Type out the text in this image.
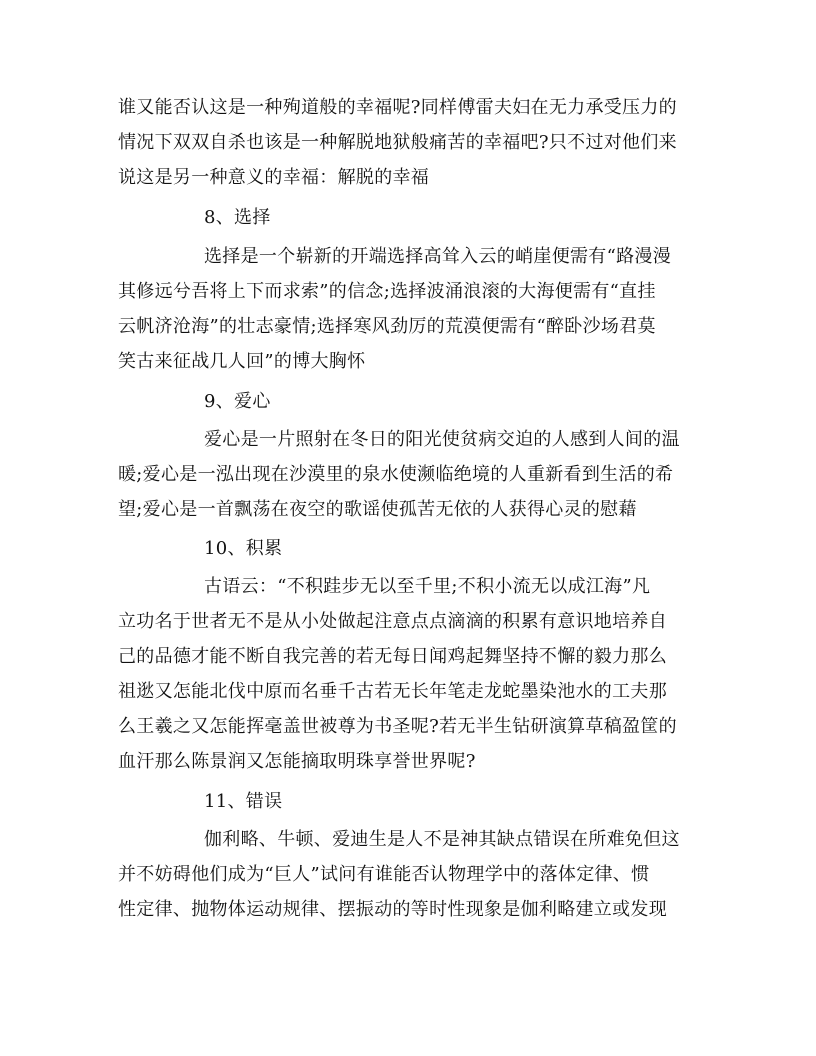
谁又能否认这是一种殉道般的幸福呢?同样傅雷夫妇在无力承受压力的
情况下双双自杀也该是一种解脱地狱般痛苦的幸福吧?只不过对他们来
说这是另一种意义的幸福：解脱的幸福
8、选择
选择是一个崭新的开端选择高耸入云的峭崖便需有“路漫漫
其修远兮吾将上下而求索”的信念;选择波涌浪滚的大海便需有“直挂
云帆济沧海”的壮志豪情;选择寒风劲厉的荒漠便需有“醉卧沙场君莫
笑古来征战几人回”的博大胸怀
9、爱心
爱心是一片照射在冬日的阳光使贫病交迫的人感到人间的温
暖;爱心是一泓出现在沙漠里的泉水使濒临绝境的人重新看到生活的希
望;爱心是一首飘荡在夜空的歌谣使孤苦无依的人获得心灵的慰藉
10、积累
古语云：“不积跬步无以至千里;不积小流无以成江海”凡
立功名于世者无不是从小处做起注意点点滴滴的积累有意识地培养自
己的品德才能不断自我完善的若无每日闻鸡起舞坚持不懈的毅力那么
祖逖又怎能北伐中原而名垂千古若无长年笔走龙蛇墨染池水的工夫那
么王羲之又怎能挥毫盖世被尊为书圣呢?若无半生钻研演算草稿盈筐的
血汗那么陈景润又怎能摘取明珠享誉世界呢?
11、错误
伽利略、牛顿、爱迪生是人不是神其缺点错误在所难免但这
并不妨碍他们成为“巨人”试问有谁能否认物理学中的落体定律、惯
性定律、抛物体运动规律、摆振动的等时性现象是伽利略建立或发现
